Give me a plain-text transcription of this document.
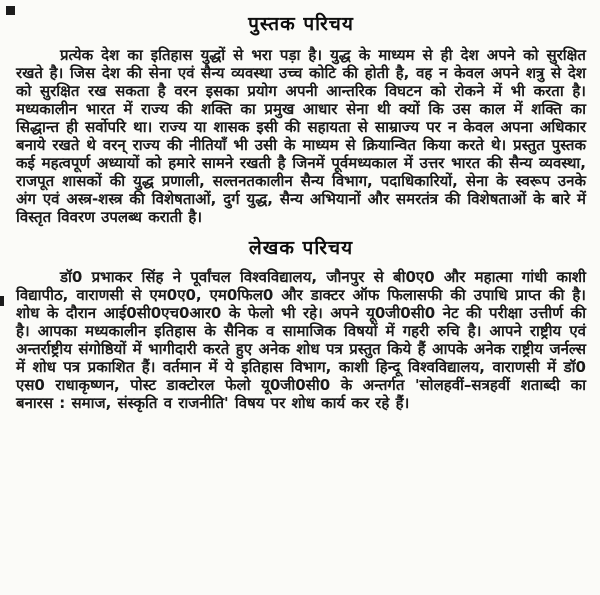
पुस्तक परिचय

प्रत्येक देश का इतिहास युद्धों से भरा पड़ा है। युद्ध के माध्यम से ही देश अपने को सुरक्षित रखते है। जिस देश की सेना एवं सैन्य व्यवस्था उच्च कोटि की होती है, वह न केवल अपने शत्रु से देश को सुरक्षित रख सकता है वरन इसका प्रयोग अपनी आन्तरिक विघटन को रोकने में भी करता है। मध्यकालीन भारत में राज्य की शक्ति का प्रमुख आधार सेना थी क्यों कि उस काल में शक्ति का सिद्धान्त ही सर्वोपरि था। राज्य या शासक इसी की सहायता से साम्राज्य पर न केवल अपना अधिकार बनाये रखते थे वरन् राज्य की नीतियाँ भी उसी के माध्यम से क्रियान्वित किया करते थे। प्रस्तुत पुस्तक कई महत्वपूर्ण अध्यायों को हमारे सामने रखती है जिनमें पूर्वमध्यकाल में उत्तर भारत की सैन्य व्यवस्था, राजपूत शासकों की युद्ध प्रणाली, सल्तनतकालीन सैन्य विभाग, पदाधिकारियों, सेना के स्वरूप उनके अंग एवं अस्त्र-शस्त्र की विशेषताओं, दुर्ग युद्ध, सैन्य अभियानों और समरतंत्र की विशेषताओं के बारे में विस्तृत विवरण उपलब्ध कराती है।

लेखक परिचय

डॉ0 प्रभाकर सिंह ने पूर्वांचल विश्वविद्यालय, जौनपुर से बी0ए0 और महात्मा गांधी काशी विद्यापीठ, वाराणसी से एम0ए0, एम0फिल0 और डाक्टर ऑफ फिलासफी की उपाधि प्राप्त की है। शोध के दौरान आई0सी0एच0आर0 के फेलो भी रहे। अपने यू0जी0सी0 नेट की परीक्षा उत्तीर्ण की है। आपका मध्यकालीन इतिहास के सैनिक व सामाजिक विषयों में गहरी रुचि है। आपने राष्ट्रीय एवं अन्तर्राष्ट्रीय संगोष्ठियों में भागीदारी करते हुए अनेक शोध पत्र प्रस्तुत किये हैं आपके अनेक राष्ट्रीय जर्नल्स में शोध पत्र प्रकाशित हैं। वर्तमान में ये इतिहास विभाग, काशी हिन्दू विश्वविद्यालय, वाराणसी में डॉ0 एस0 राधाकृष्णन, पोस्ट डाक्टोरल फेलो यू0जी0सी0 के अन्तर्गत 'सोलहवीं–सत्रहवीं शताब्दी का बनारस : समाज, संस्कृति व राजनीति' विषय पर शोध कार्य कर रहे हैं।
